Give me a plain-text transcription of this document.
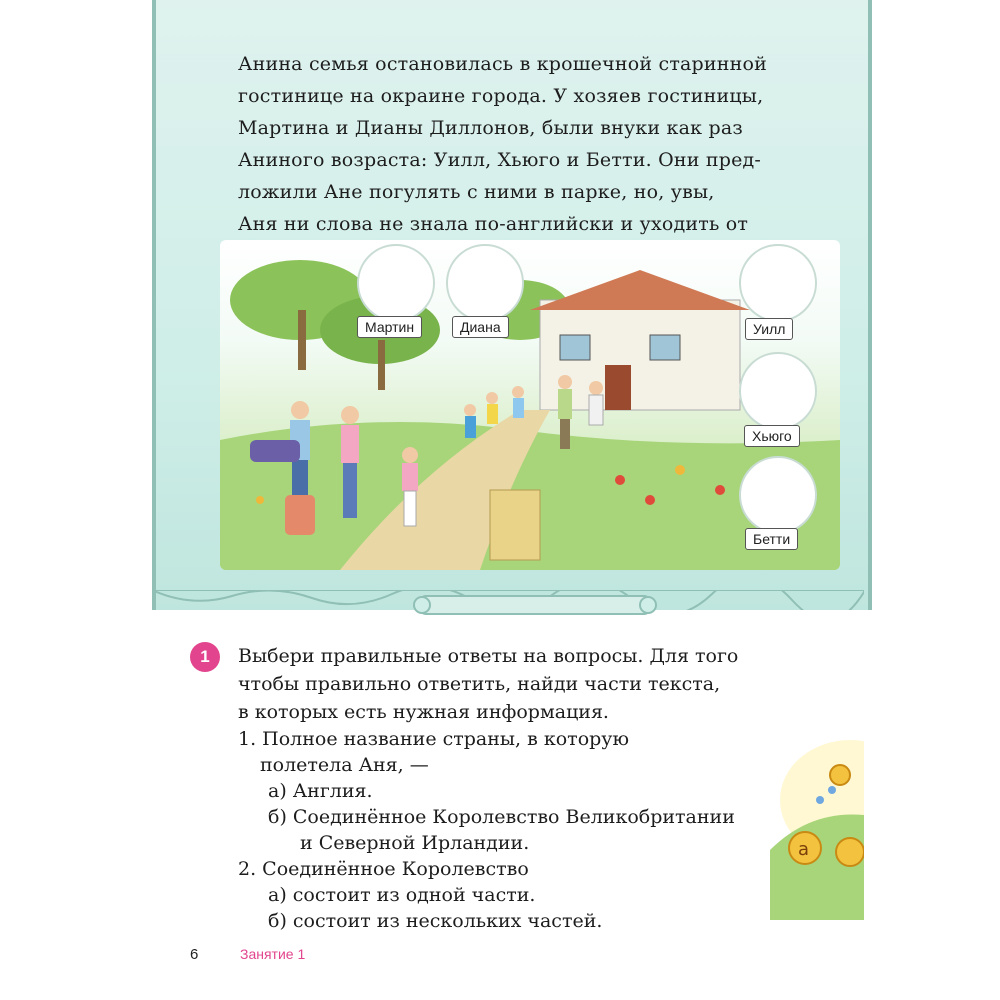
Анина семья остановилась в крошечной старинной
гостинице на окраине города. У хозяев гостиницы,
Мартина и Дианы Диллонов, были внуки как раз
Аниного возраста: Уилл, Хьюго и Бетти. Они пред-
ложили Ане погулять с ними в парке, но, увы,
Аня ни слова не знала по-английски и уходить от
Мартин	Диана	Уилл
Хьюго
Бетти
1	Выбери правильные ответы на вопросы. Для того
чтобы правильно ответить, найди части текста,
в которых есть нужная информация.
1. Полное название страны, в которую
полетела Аня, —
а) Англия.
б) Соединённое Королевство Великобритании
и Северной Ирландии.
2. Соединённое Королевство
а) состоит из одной части.
б) состоит из нескольких частей.
a
6	Занятие 1
